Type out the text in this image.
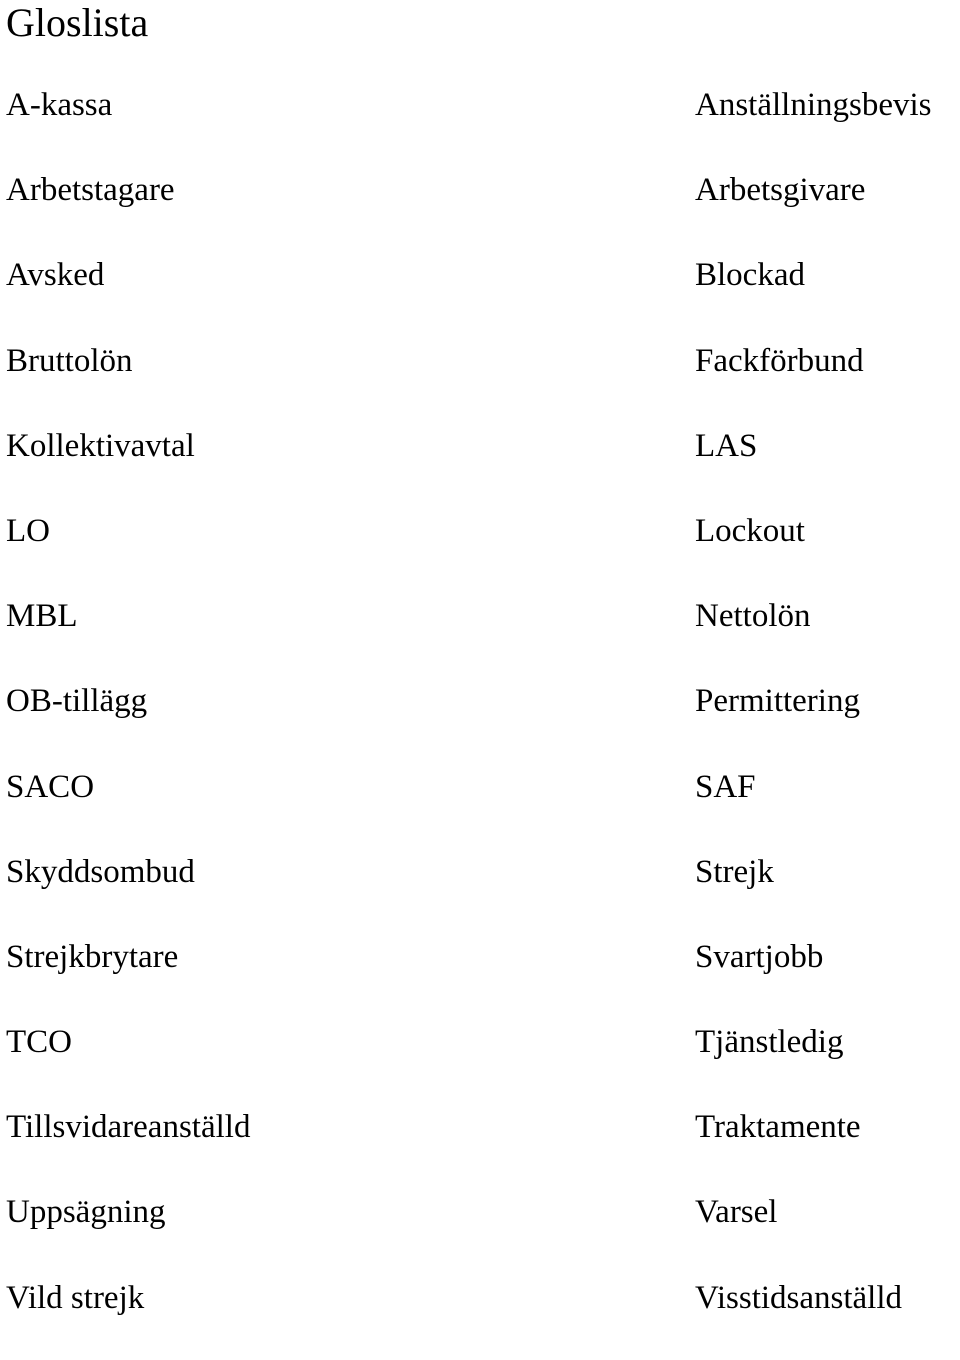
Gloslista
A-kassa
Arbetstagare
Avsked
Bruttolön
Kollektivavtal
LO
MBL
OB-tillägg
SACO
Skyddsombud
Strejkbrytare
TCO
Tillsvidareanställd
Uppsägning
Vild strejk
Anställningsbevis
Arbetsgivare
Blockad
Fackförbund
LAS
Lockout
Nettolön
Permittering
SAF
Strejk
Svartjobb
Tjänstledig
Traktamente
Varsel
Visstidsanställd
